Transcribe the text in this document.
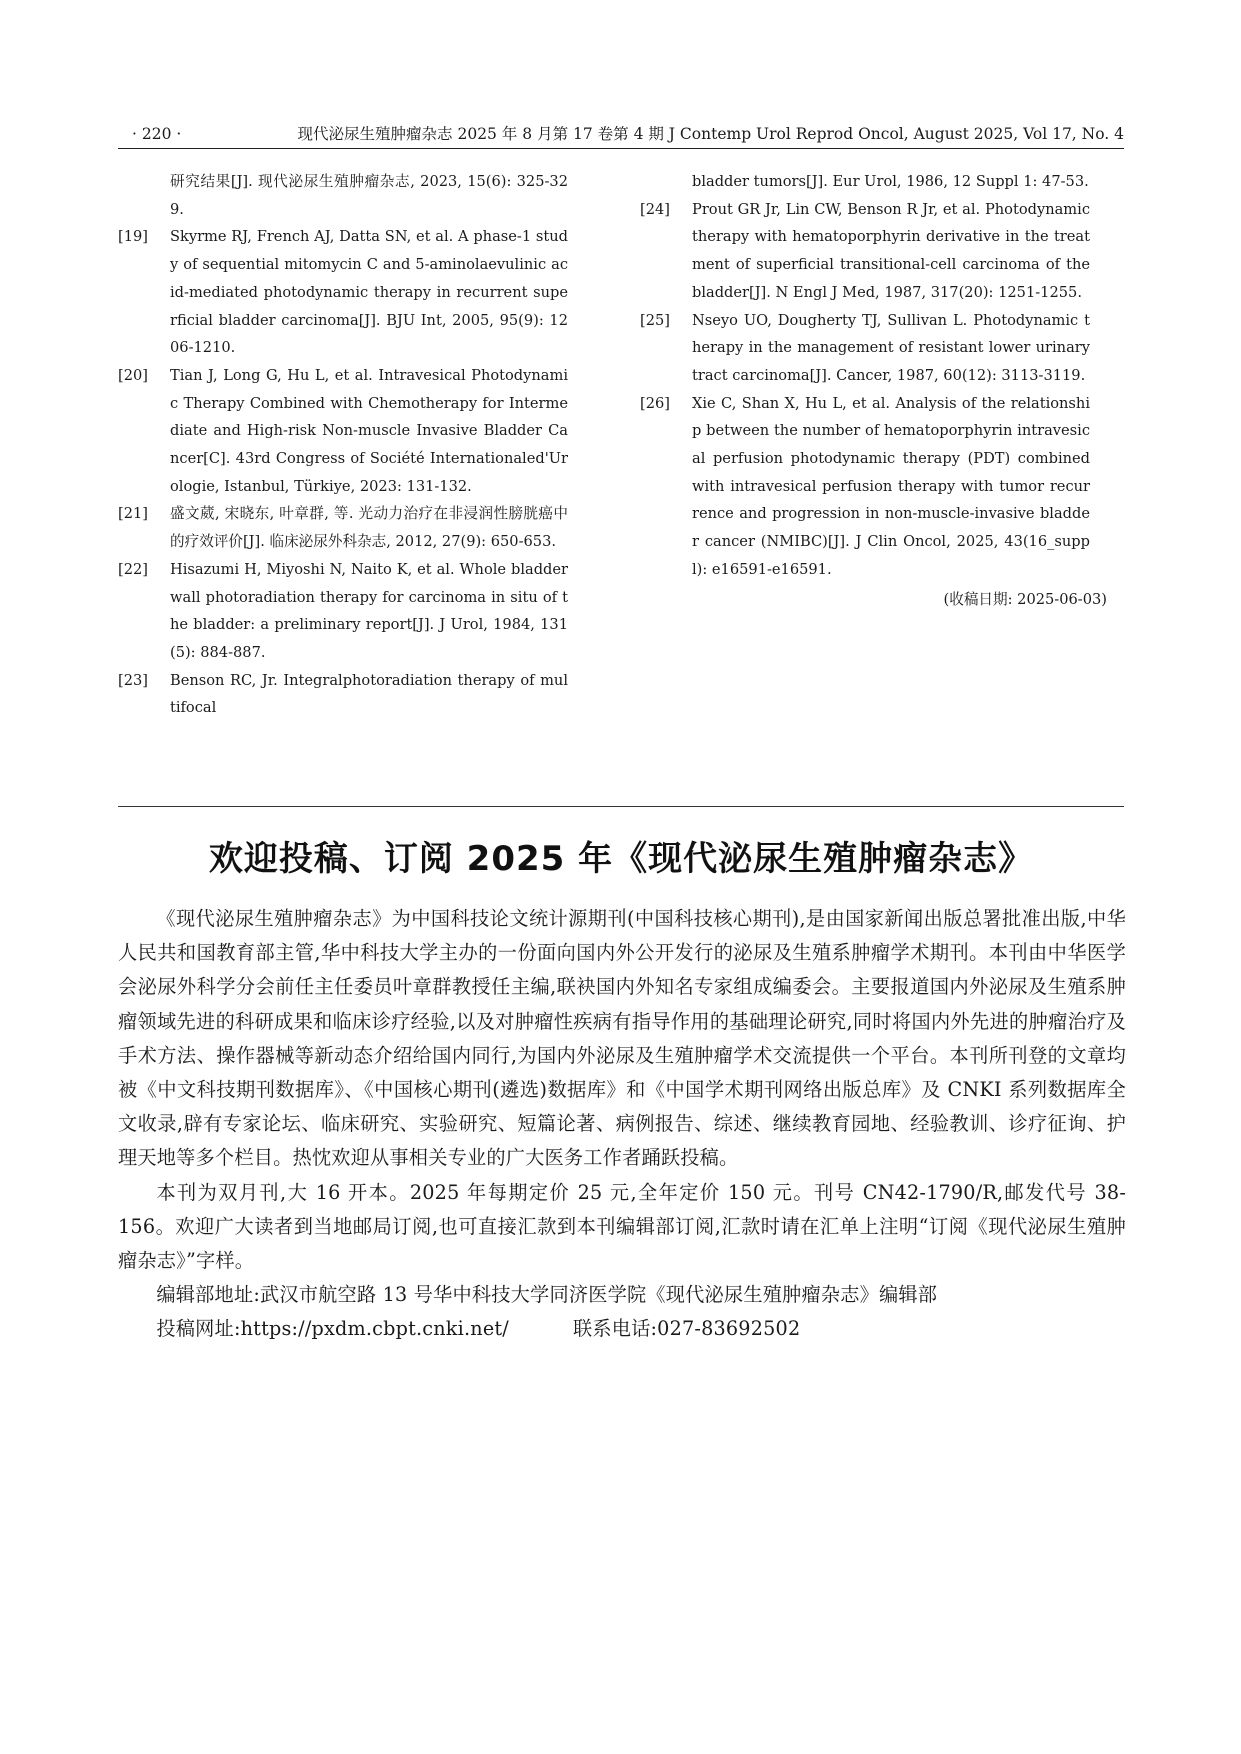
· 220 ·	现代泌尿生殖肿瘤杂志 2025 年 8 月第 17 卷第 4 期 J Contemp Urol Reprod Oncol, August 2025, Vol 17, No. 4
研究结果[J]. 现代泌尿生殖肿瘤杂志, 2023, 15(6): 325-329.
[19] Skyrme RJ, French AJ, Datta SN, et al. A phase-1 study of sequential mitomycin C and 5-aminolaevulinic acid-mediated photodynamic therapy in recurrent superficial bladder carcinoma[J]. BJU Int, 2005, 95(9): 1206-1210.
[20] Tian J, Long G, Hu L, et al. Intravesical Photodynamic Therapy Combined with Chemotherapy for Intermediate and High-risk Non-muscle Invasive Bladder Cancer[C]. 43rd Congress of Société Internationaled'Urologie, Istanbul, Türkiye, 2023: 131-132.
[21] 盛文葳, 宋晓东, 叶章群, 等. 光动力治疗在非浸润性膀胱癌中的疗效评价[J]. 临床泌尿外科杂志, 2012, 27(9): 650-653.
[22] Hisazumi H, Miyoshi N, Naito K, et al. Whole bladder wall photoradiation therapy for carcinoma in situ of the bladder: a preliminary report[J]. J Urol, 1984, 131(5): 884-887.
[23] Benson RC, Jr. Integralphotoradiation therapy of multifocal
bladder tumors[J]. Eur Urol, 1986, 12 Suppl 1: 47-53.
[24] Prout GR Jr, Lin CW, Benson R Jr, et al. Photodynamic therapy with hematoporphyrin derivative in the treatment of superficial transitional-cell carcinoma of the bladder[J]. N Engl J Med, 1987, 317(20): 1251-1255.
[25] Nseyo UO, Dougherty TJ, Sullivan L. Photodynamic therapy in the management of resistant lower urinary tract carcinoma[J]. Cancer, 1987, 60(12): 3113-3119.
[26] Xie C, Shan X, Hu L, et al. Analysis of the relationship between the number of hematoporphyrin intravesical perfusion photodynamic therapy (PDT) combined with intravesical perfusion therapy with tumor recurrence and progression in non-muscle-invasive bladder cancer (NMIBC)[J]. J Clin Oncol, 2025, 43(16_suppl): e16591-e16591.
(收稿日期: 2025-06-03)
欢迎投稿、订阅 2025 年《现代泌尿生殖肿瘤杂志》

《现代泌尿生殖肿瘤杂志》为中国科技论文统计源期刊(中国科技核心期刊),是由国家新闻出版总署批准出版,中华人民共和国教育部主管,华中科技大学主办的一份面向国内外公开发行的泌尿及生殖系肿瘤学术期刊。本刊由中华医学会泌尿外科学分会前任主任委员叶章群教授任主编,联袂国内外知名专家组成编委会。主要报道国内外泌尿及生殖系肿瘤领域先进的科研成果和临床诊疗经验,以及对肿瘤性疾病有指导作用的基础理论研究,同时将国内外先进的肿瘤治疗及手术方法、操作器械等新动态介绍给国内同行,为国内外泌尿及生殖肿瘤学术交流提供一个平台。本刊所刊登的文章均被《中文科技期刊数据库》、《中国核心期刊(遴选)数据库》和《中国学术期刊网络出版总库》及 CNKI 系列数据库全文收录,辟有专家论坛、临床研究、实验研究、短篇论著、病例报告、综述、继续教育园地、经验教训、诊疗征询、护理天地等多个栏目。热忱欢迎从事相关专业的广大医务工作者踊跃投稿。

本刊为双月刊,大 16 开本。2025 年每期定价 25 元,全年定价 150 元。刊号 CN42-1790/R,邮发代号 38-156。欢迎广大读者到当地邮局订阅,也可直接汇款到本刊编辑部订阅,汇款时请在汇单上注明“订阅《现代泌尿生殖肿瘤杂志》”字样。

编辑部地址:武汉市航空路 13 号华中科技大学同济医学院《现代泌尿生殖肿瘤杂志》编辑部

投稿网址:https://pxdm.cbpt.cnki.net/	联系电话:027-83692502
